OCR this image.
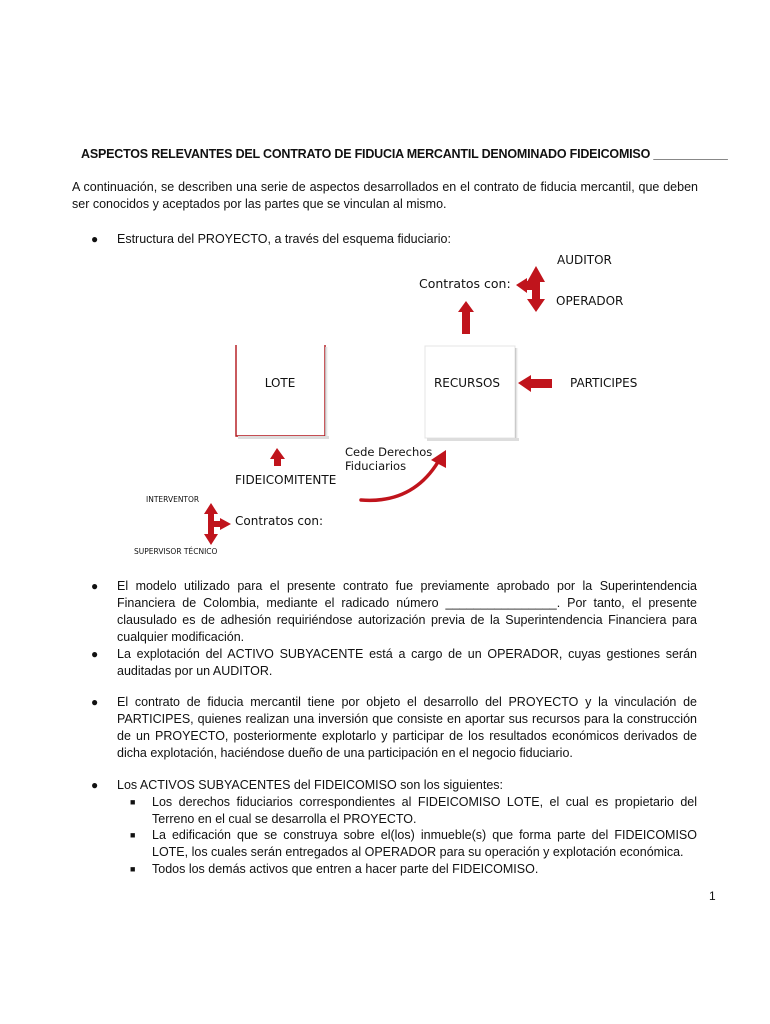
ASPECTOS RELEVANTES DEL CONTRATO DE FIDUCIA MERCANTIL DENOMINADO FIDEICOMISO ___________
A continuación, se describen una serie de aspectos desarrollados en el contrato de fiducia mercantil, que deben ser conocidos y aceptados por las partes que se vinculan al mismo.
● Estructura del PROYECTO, a través del esquema fiduciario:
Contratos con:
AUDITOR
OPERADOR
LOTE	RECURSOS	PARTICIPES
FIDEICOMITENTE
Cede Derechos
Fiduciarios
INTERVENTOR
Contratos con:
SUPERVISOR TÉCNICO
● El modelo utilizado para el presente contrato fue previamente aprobado por la Superintendencia Financiera de Colombia, mediante el radicado número ________________. Por tanto, el presente clausulado es de adhesión requiriéndose autorización previa de la Superintendencia Financiera para cualquier modificación.
● La explotación del ACTIVO SUBYACENTE está a cargo de un OPERADOR, cuyas gestiones serán auditadas por un AUDITOR.
● El contrato de fiducia mercantil tiene por objeto el desarrollo del PROYECTO y la vinculación de PARTICIPES, quienes realizan una inversión que consiste en aportar sus recursos para la construcción de un PROYECTO, posteriormente explotarlo y participar de los resultados económicos derivados de dicha explotación, haciéndose dueño de una participación en el negocio fiduciario.
● Los ACTIVOS SUBYACENTES del FIDEICOMISO son los siguientes:
■ Los derechos fiduciarios correspondientes al FIDEICOMISO LOTE, el cual es propietario del Terreno en el cual se desarrolla el PROYECTO.
■ La edificación que se construya sobre el(los) inmueble(s) que forma parte del FIDEICOMISO LOTE, los cuales serán entregados al OPERADOR para su operación y explotación económica.
■ Todos los demás activos que entren a hacer parte del FIDEICOMISO.
1
